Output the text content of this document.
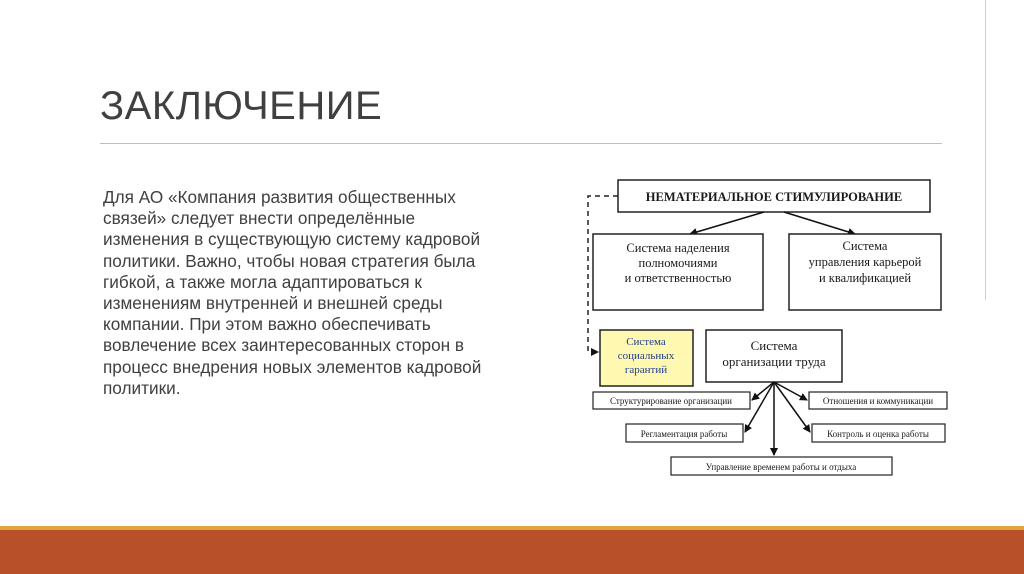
ЗАКЛЮЧЕНИЕ

Для АО «Компания развития общественных связей» следует внести определённые изменения в существующую систему кадровой политики. Важно, чтобы новая стратегия была гибкой, а также могла адаптироваться к изменениям внутренней и внешней среды компании. При этом важно обеспечивать вовлечение всех заинтересованных сторон в процесс внедрения новых элементов кадровой политики.

НЕМАТЕРИАЛЬНОЕ СТИМУЛИРОВАНИЕ
Система наделения
полномочиями
и ответственностью
Система
управления карьерой
и квалификацией
Система
социальных
гарантий
Система
организации труда
Структурирование организации	Отношения и коммуникации
Регламентация работы	Контроль и оценка работы
Управление временем работы и отдыха
